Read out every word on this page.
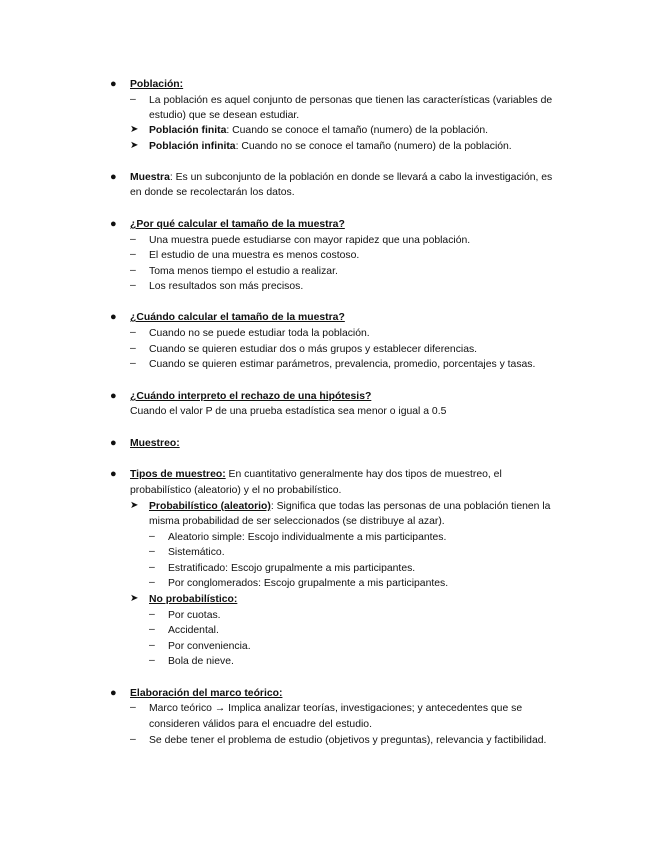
●	Población:
–	La población es aquel conjunto de personas que tienen las características (variables de
estudio) que se desean estudiar.
➤	Población finita: Cuando se conoce el tamaño (numero) de la población.
➤	Población infinita: Cuando no se conoce el tamaño (numero) de la población.
●	Muestra: Es un subconjunto de la población en donde se llevará a cabo la investigación, es
en donde se recolectarán los datos.
●	¿Por qué calcular el tamaño de la muestra?
–	Una muestra puede estudiarse con mayor rapidez que una población.
–	El estudio de una muestra es menos costoso.
–	Toma menos tiempo el estudio a realizar.
–	Los resultados son más precisos.
●	¿Cuándo calcular el tamaño de la muestra?
–	Cuando no se puede estudiar toda la población.
–	Cuando se quieren estudiar dos o más grupos y establecer diferencias.
–	Cuando se quieren estimar parámetros, prevalencia, promedio, porcentajes y tasas.
●	¿Cuándo interpreto el rechazo de una hipótesis?
Cuando el valor P de una prueba estadística sea menor o igual a 0.5
●	Muestreo:
●	Tipos de muestreo: En cuantitativo generalmente hay dos tipos de muestreo, el
probabilístico (aleatorio) y el no probabilístico.
➤	Probabilístico (aleatorio): Significa que todas las personas de una población tienen la
misma probabilidad de ser seleccionados (se distribuye al azar).
–	Aleatorio simple: Escojo individualmente a mis participantes.
–	Sistemático.
–	Estratificado: Escojo grupalmente a mis participantes.
–	Por conglomerados: Escojo grupalmente a mis participantes.
➤	No probabilístico:
–	Por cuotas.
–	Accidental.
–	Por conveniencia.
–	Bola de nieve.
●	Elaboración del marco teórico:
–	Marco teórico → Implica analizar teorías, investigaciones; y antecedentes que se
consideren válidos para el encuadre del estudio.
–	Se debe tener el problema de estudio (objetivos y preguntas), relevancia y factibilidad.
